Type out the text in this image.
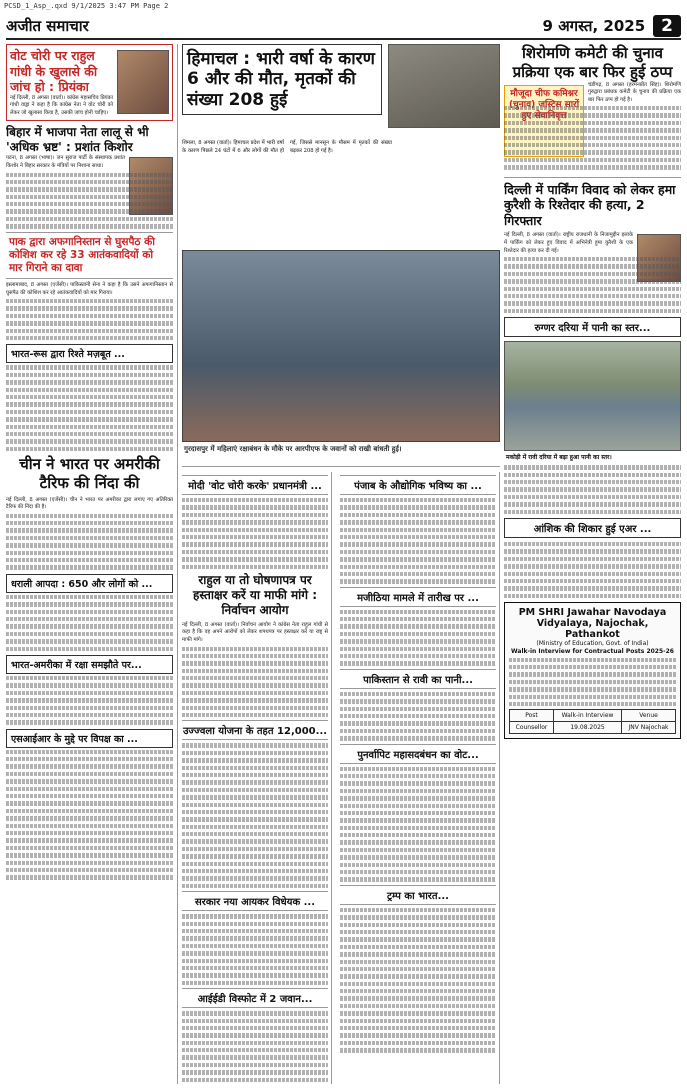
PCSD_1_Asp_.qxd 9/1/2025 3:47 PM Page 2
अजीत समाचार	9 अगस्त, 2025 2
वोट चोरी पर राहुल गांधी के खुलासे की जांच हो : प्रियंका
नई दिल्ली, 8 अगस्त (वार्ता)। कांग्रेस महासचिव प्रियंका गांधी वाड्रा ने कहा है कि कांग्रेस नेता ने वोट चोरी को लेकर जो खुलासा किया है, उसकी जांच होनी चाहिए।
बिहार में भाजपा नेता लालू से भी 'अधिक भ्रष्ट' : प्रशांत किशोर
पटना, 8 अगस्त (भाषा)। जन सुराज पार्टी के संस्थापक प्रशांत किशोर ने बिहार सरकार के मंत्रियों पर निशाना साधा।
पाक द्वारा अफगानिस्तान से घुसपैठ की कोशिश कर रहे 33 आतंकवादियों को मार गिराने का दावा
इस्लामाबाद, 8 अगस्त (एजेंसी)। पाकिस्तानी सेना ने कहा है कि उसने अफगानिस्तान से घुसपैठ की कोशिश कर रहे आतंकवादियों को मार गिराया।
भारत-रूस द्वारा रिश्ते मज़बूत ...
चीन ने भारत पर अमरीकी टैरिफ की निंदा की
नई दिल्ली, 8 अगस्त (एजेंसी)। चीन ने भारत पर अमरीका द्वारा लगाए गए अतिरिक्त टैरिफ की निंदा की है।
धराली आपदा : 650 और लोगों को ...
भारत-अमरीका में रक्षा समझौते पर...
एसआईआर के मुद्दे पर विपक्ष का ...
हिमाचल : भारी वर्षा के कारण 6 और की मौत, मृतकों की संख्या 208 हुई
शिमला, 8 अगस्त (वार्ता)। हिमाचल प्रदेश में भारी वर्षा के कारण पिछले 24 घंटों में 6 और लोगों की मौत हो गई, जिससे मानसून के मौसम में मृतकों की संख्या बढ़कर 208 हो गई है।
गुरदासपुर में महिलाएं रक्षाबंधन के मौके पर आरपीएफ के जवानों को राखी बांधती हुई।
मोदी 'वोट चोरी करके' प्रधानमंत्री ...
राहुल या तो घोषणापत्र पर हस्ताक्षर करें या माफी मांगे : निर्वाचन आयोग
नई दिल्ली, 8 अगस्त (वार्ता)। निर्वाचन आयोग ने कांग्रेस नेता राहुल गांधी से कहा है कि वह अपने आरोपों को लेकर शपथपत्र पर हस्ताक्षर करें या राष्ट्र से माफी मांगे।
उज्ज्वला योजना के तहत 12,000...
सरकार नया आयकर विधेयक ...
आईईडी विस्फोट में 2 जवान...
पंजाब के औद्योगिक भविष्य का ...
मजीठिया मामले में तारीख पर ...
पाकिस्तान से रावी का पानी...
पुनर्वापिट महासदबंधन का वोट...
ट्रम्प का भारत...
शिरोमणि कमेटी की चुनाव प्रक्रिया एक बार फिर हुई ठप्प
मौजूदा चीफ कमिश्नर (चुनाव) जस्टिस सारों हुए सेवानिवृत्त
चंडीगढ़, 8 अगस्त (हरमनप्रीत सिंह)। शिरोमणि गुरुद्वारा प्रबंधक कमेटी के चुनाव की प्रक्रिया एक बार फिर ठप्प हो गई है।
दिल्ली में पार्किंग विवाद को लेकर हमा कुरैशी के रिश्तेदार की हत्या, 2 गिरफ्तार
नई दिल्ली, 8 अगस्त (वार्ता)। राष्ट्रीय राजधानी के निजामुद्दीन इलाके में पार्किंग को लेकर हुए विवाद में अभिनेत्री हुमा कुरैशी के एक रिश्तेदार की हत्या कर दी गई।
रुग्णर दरिया में पानी का स्तर...
मकोड़ी में रावी दरिया में बढ़ा हुआ पानी का स्तर।
आंशिक की शिकार हुई एअर ...
PM SHRI Jawahar Navodaya Vidyalaya, Najochak, Pathankot
(Ministry of Education, Govt. of India)
Walk-in Interview for Contractual Posts 2025-26
Post	Walk-in Interview	Venue
Counsellor	19.08.2025	JNV Najochak
